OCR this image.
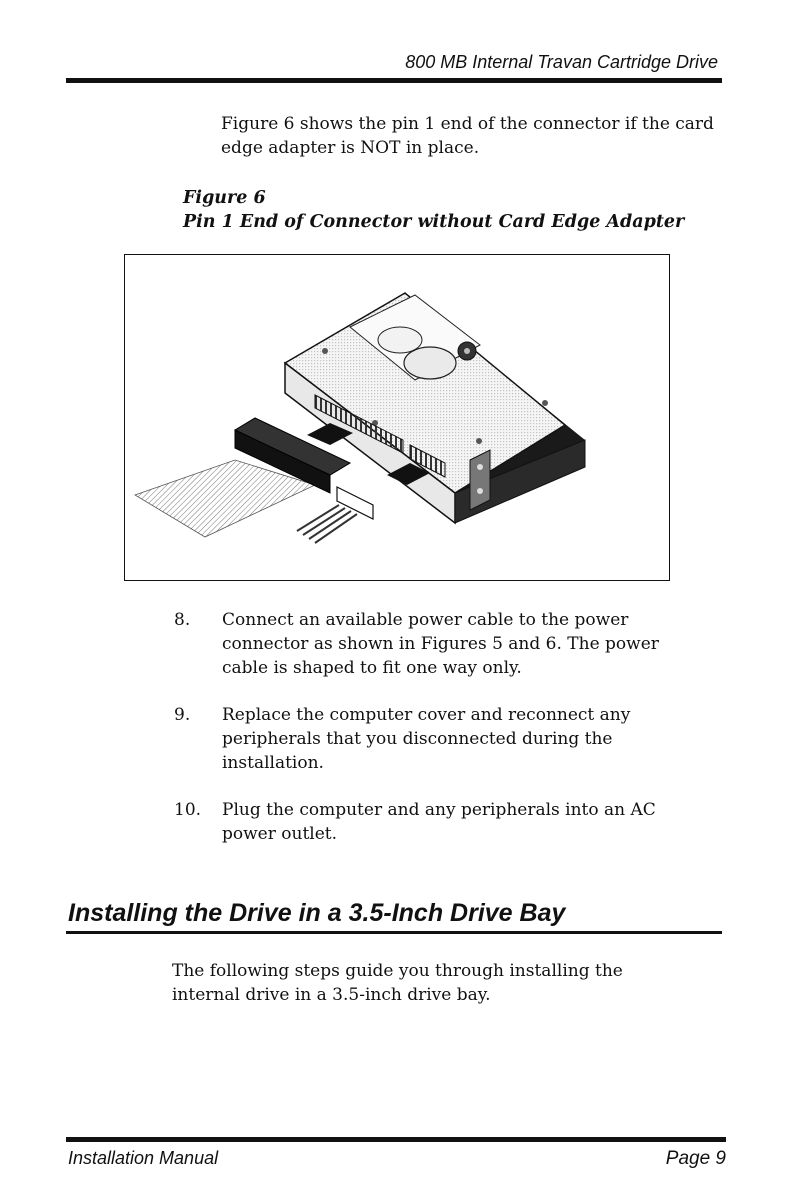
800 MB Internal Travan Cartridge Drive

Figure 6 shows the pin 1 end of the connector if the card edge adapter is NOT in place.

Figure 6
Pin 1 End of Connector without Card Edge Adapter
◦
8.	Connect an available power cable to the power connector as shown in Figures 5 and 6. The power cable is shaped to fit one way only.
9.	Replace the computer cover and reconnect any peripherals that you disconnected during the installation.
10.	Plug the computer and any peripherals into an AC power outlet.
Installing the Drive in a 3.5-Inch Drive Bay

The following steps guide you through installing the internal drive in a 3.5-inch drive bay.

Installation Manual	Page 9
